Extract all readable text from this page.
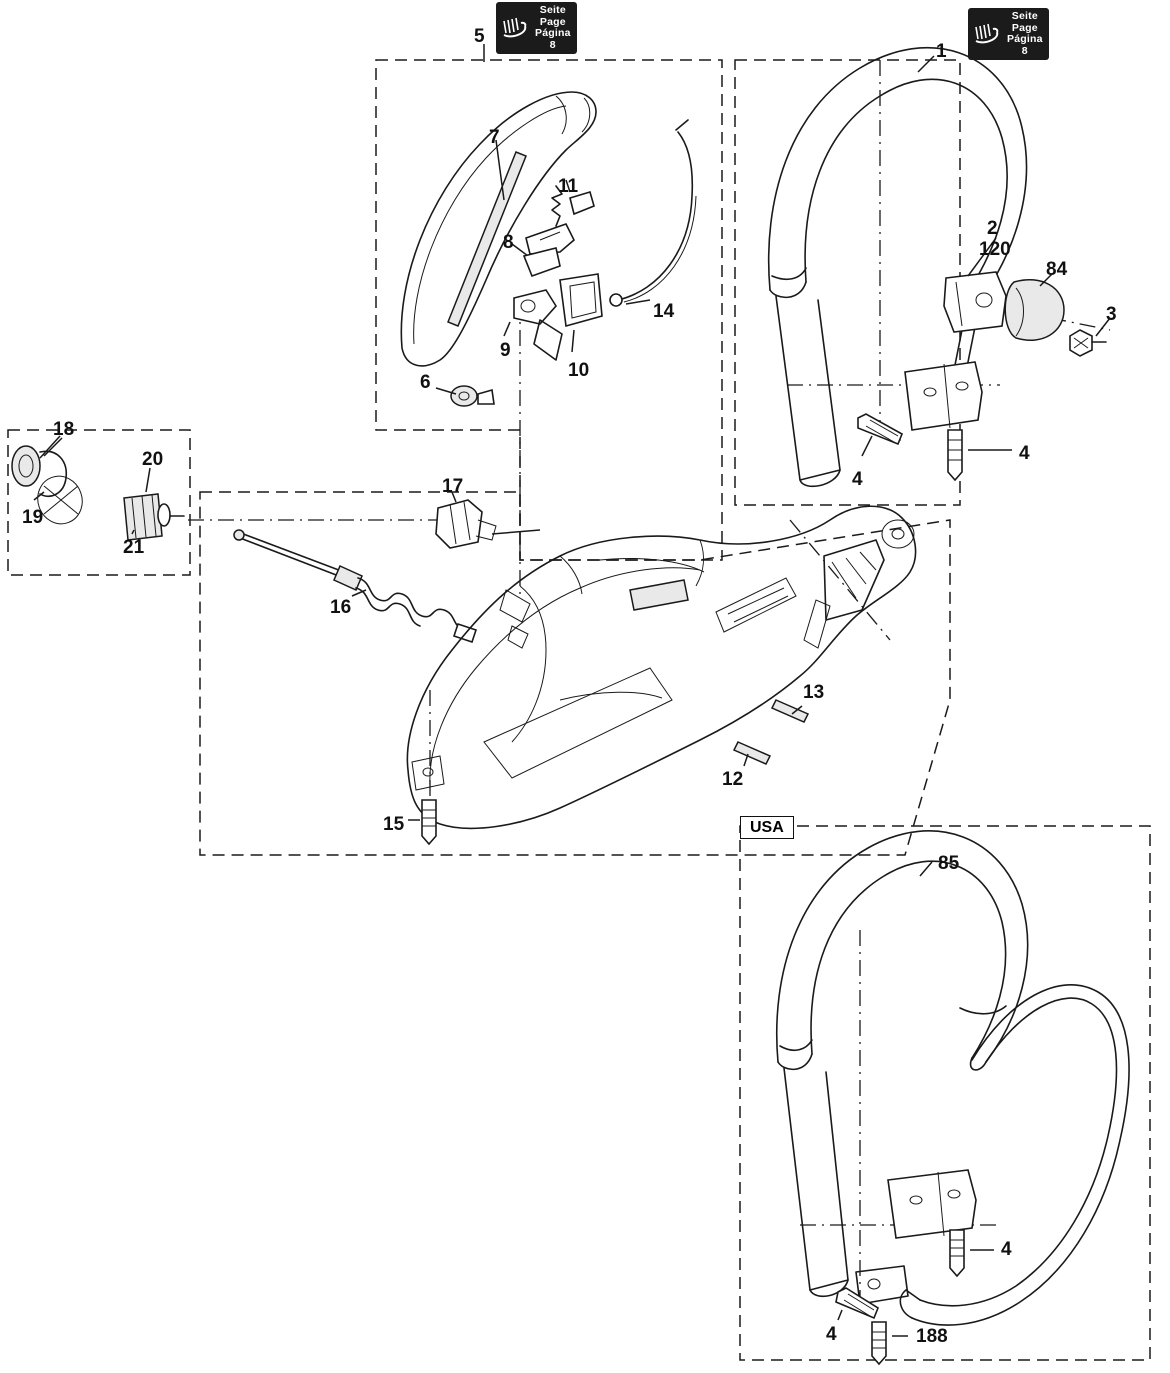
Seite
Page
Página
8
Seite
Page
Página
8
USA
5
1
7
11
8
2
120
84
3
14
9
10
6
4
4
18
20
19
21
17
16
13
12
15
85
4
4	188
